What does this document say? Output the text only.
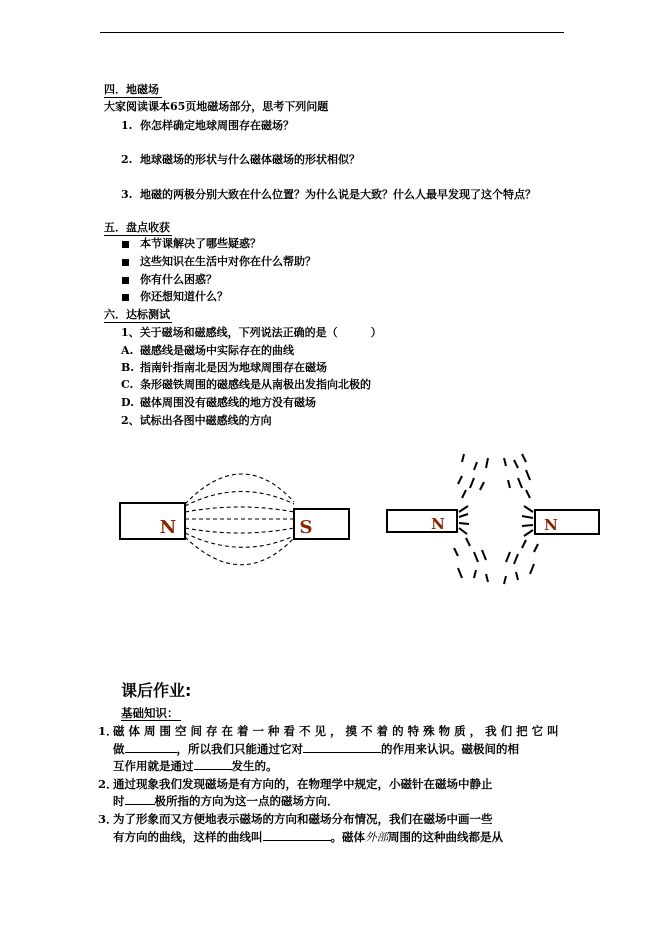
四．地磁场
大家阅读课本65页地磁场部分，思考下列问题
1. 你怎样确定地球周围存在磁场？
2. 地球磁场的形状与什么磁体磁场的形状相似？
3. 地磁的两极分别大致在什么位置？为什么说是大致？什么人最早发现了这个特点？
五．盘点收获
本节课解决了哪些疑惑？
这些知识在生活中对你在什么帮助？
你有什么困惑？
你还想知道什么？
六．达标测试
1、关于磁场和磁感线，下列说法正确的是（　　　）
A. 磁感线是磁场中实际存在的曲线
B. 指南针指南北是因为地球周围存在磁场
C. 条形磁铁周围的磁感线是从南极出发指向北极的
D. 磁体周围没有磁感线的地方没有磁场
2、试标出各图中磁感线的方向
N	S	N	N
课后作业:
基础知识：
1．
磁 体 周 围 空 间 存 在 着 一 种 看 不 见 ， 摸 不 着 的 特 殊 物 质 ， 我 们 把 它 叫
做	，所以我们只能通过它对	的作用来认识。磁极间的相
互作用就是通过	发生的。
2．
通过现象我们发现磁场是有方向的，在物理学中规定，小磁针在磁场中静止
时	极所指的方向为这一点的磁场方向．
3．
为了形象而又方便地表示磁场的方向和磁场分布情况，我们在磁场中画一些
有方向的曲线，这样的曲线叫	。磁体外部周围的这种曲线都是从
